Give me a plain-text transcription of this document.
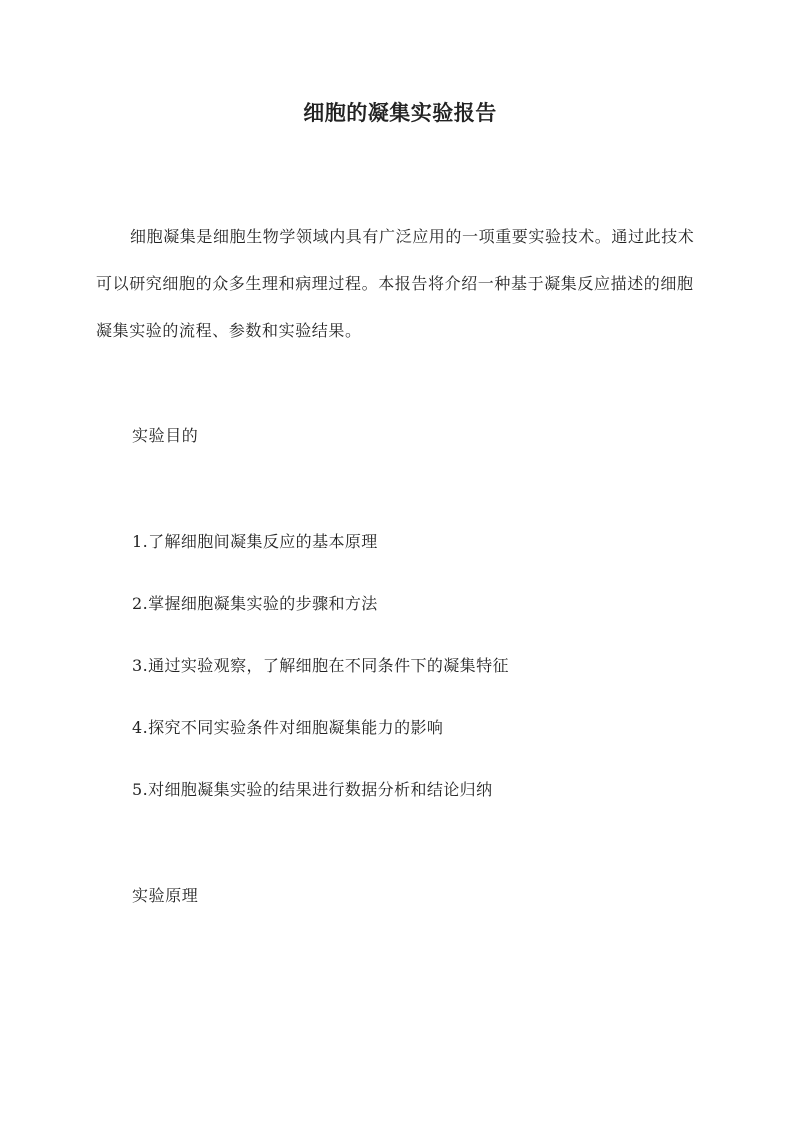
细胞的凝集实验报告

细胞凝集是细胞生物学领域内具有广泛应用的一项重要实验技术。通过此技术可以研究细胞的众多生理和病理过程。本报告将介绍一种基于凝集反应描述的细胞凝集实验的流程、参数和实验结果。

实验目的

1.了解细胞间凝集反应的基本原理

2.掌握细胞凝集实验的步骤和方法

3.通过实验观察，了解细胞在不同条件下的凝集特征

4.探究不同实验条件对细胞凝集能力的影响

5.对细胞凝集实验的结果进行数据分析和结论归纳

实验原理
